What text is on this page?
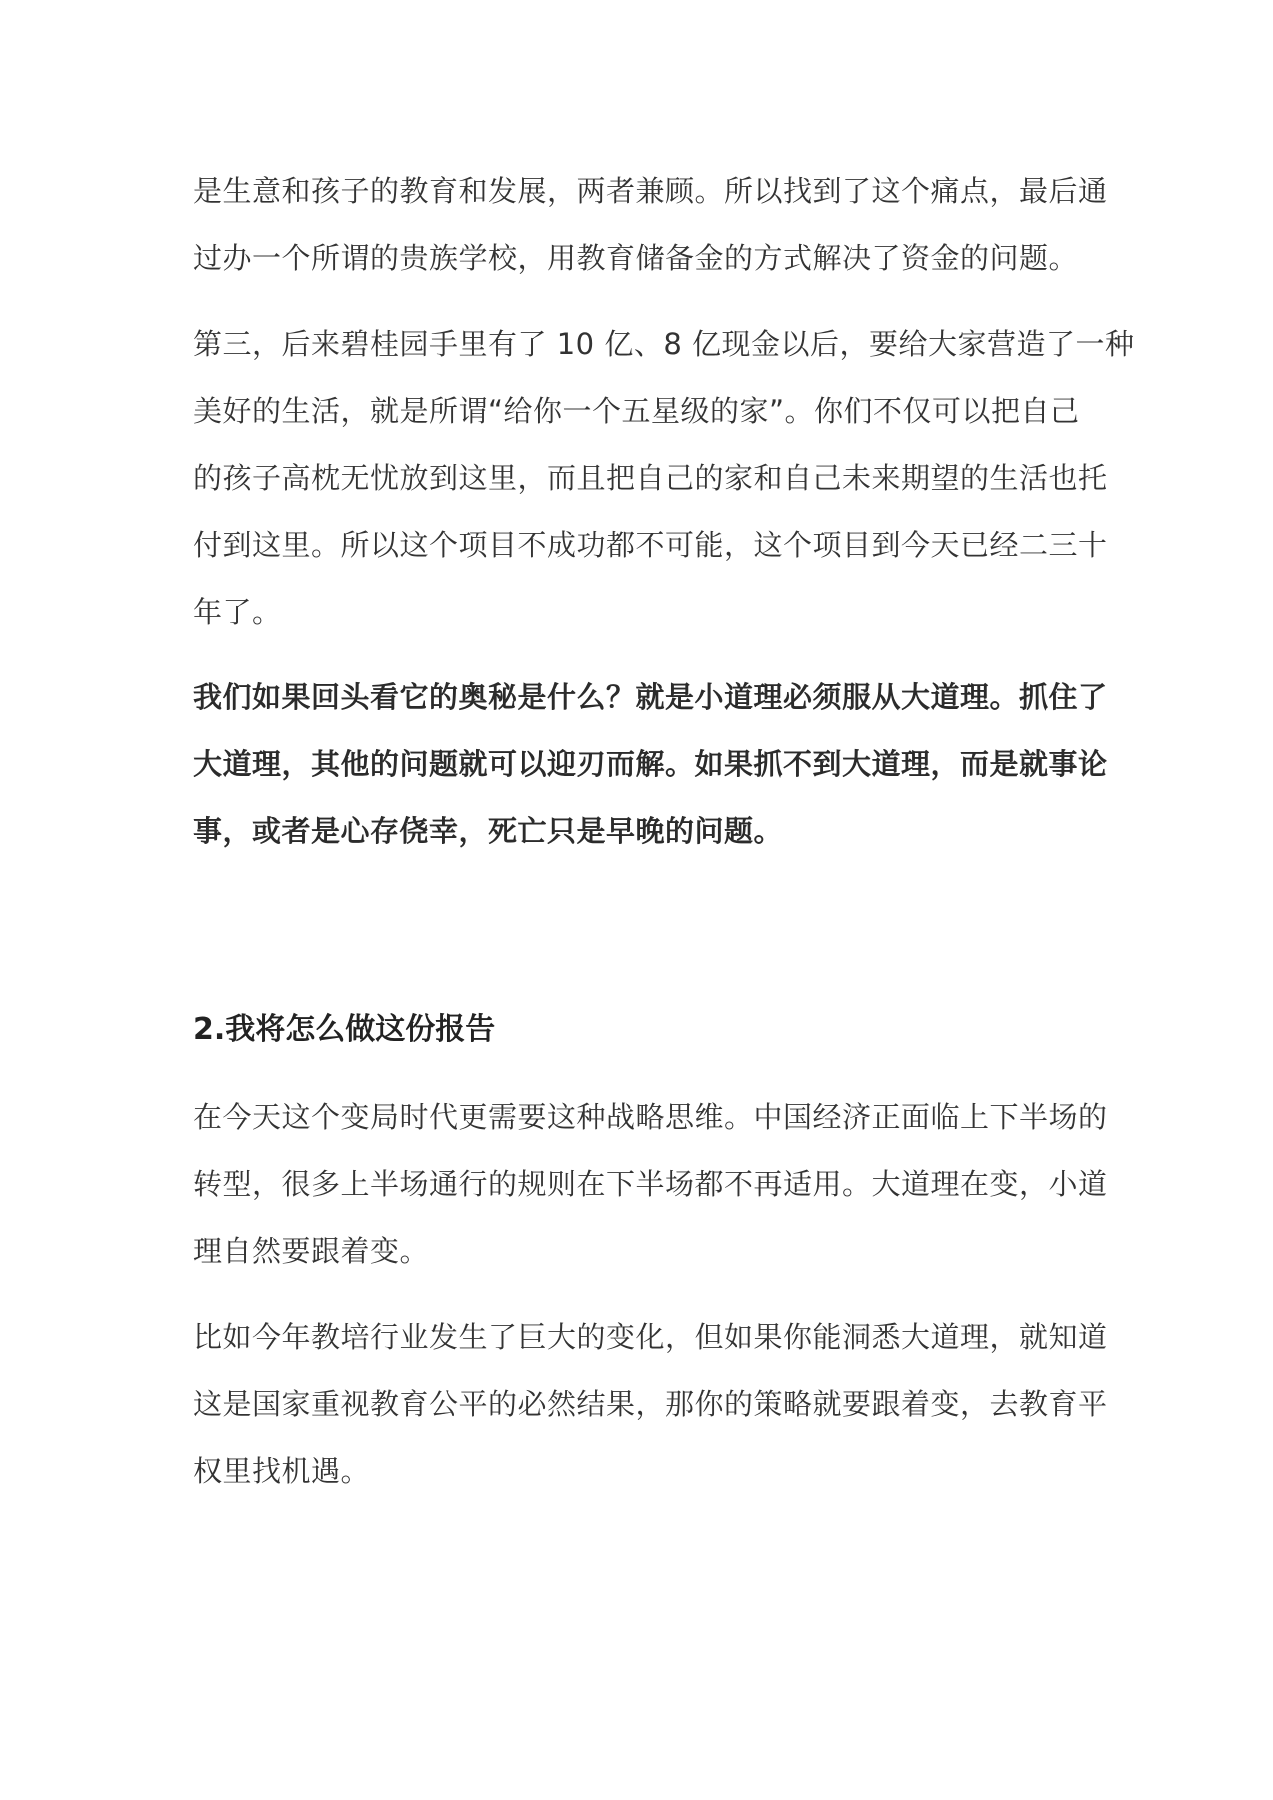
是生意和孩子的教育和发展，两者兼顾。所以找到了这个痛点，最后通
过办一个所谓的贵族学校，用教育储备金的方式解决了资金的问题。

第三，后来碧桂园手里有了 10 亿、8 亿现金以后，要给大家营造了一种
美好的生活，就是所谓“给你一个五星级的家”。你们不仅可以把自己
的孩子高枕无忧放到这里，而且把自己的家和自己未来期望的生活也托
付到这里。所以这个项目不成功都不可能，这个项目到今天已经二三十
年了。

我们如果回头看它的奥秘是什么？就是小道理必须服从大道理。抓住了
大道理，其他的问题就可以迎刃而解。如果抓不到大道理，而是就事论
事，或者是心存侥幸，死亡只是早晚的问题。

2.我将怎么做这份报告

在今天这个变局时代更需要这种战略思维。中国经济正面临上下半场的
转型，很多上半场通行的规则在下半场都不再适用。大道理在变，小道
理自然要跟着变。

比如今年教培行业发生了巨大的变化，但如果你能洞悉大道理，就知道
这是国家重视教育公平的必然结果，那你的策略就要跟着变，去教育平
权里找机遇。
